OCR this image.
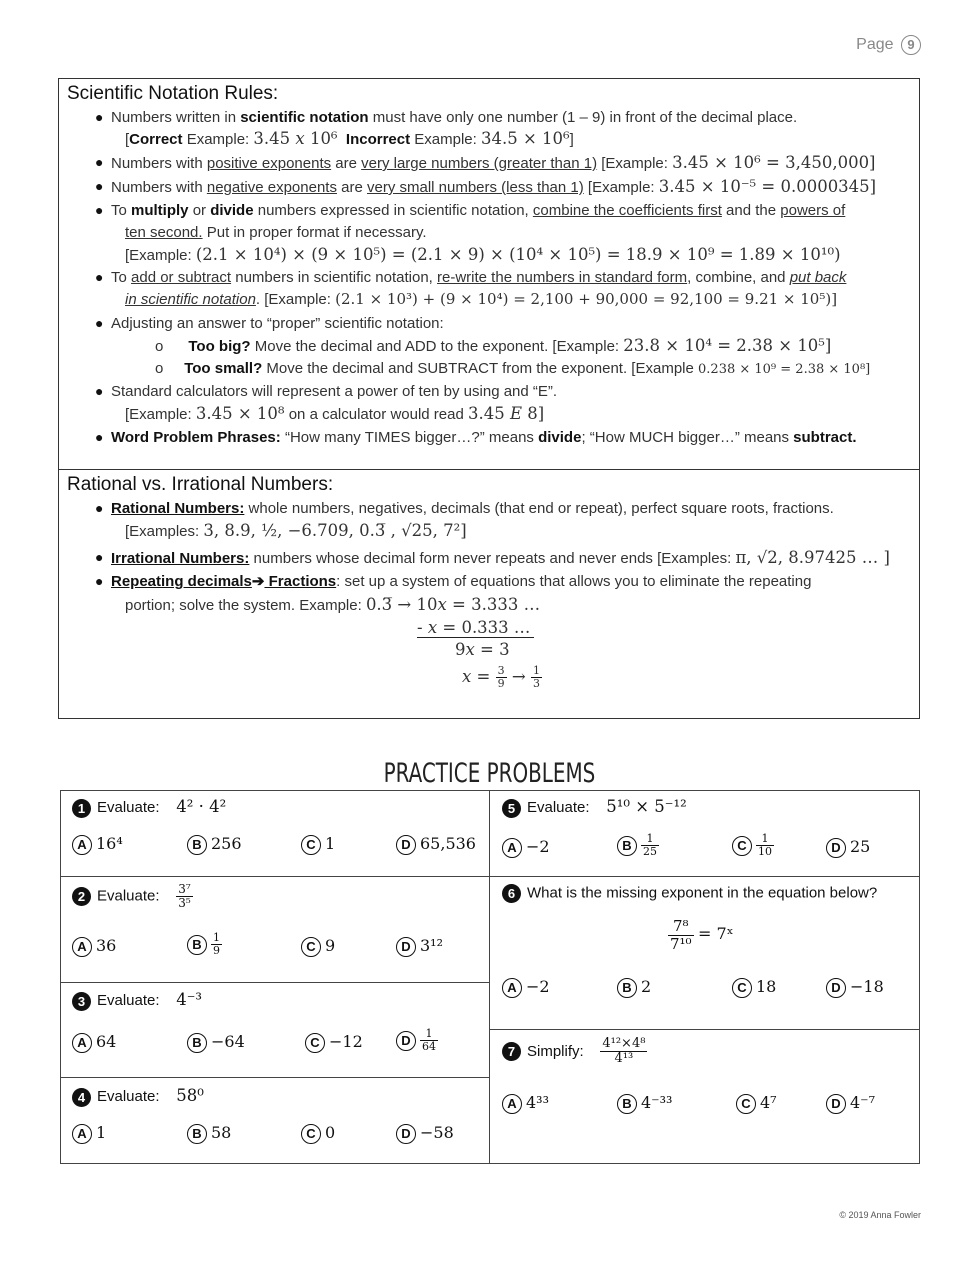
Page 9
Scientific Notation Rules:
● Numbers written in scientific notation must have only one number (1 – 9) in front of the decimal place.
[Correct Example: 3.45 𝑥 10⁶ Incorrect Example: 34.5 × 10⁶]
● Numbers with positive exponents are very large numbers (greater than 1) [Example: 3.45 × 10⁶ = 3,450,000]
● Numbers with negative exponents are very small numbers (less than 1) [Example: 3.45 × 10⁻⁵ = 0.0000345]
● To multiply or divide numbers expressed in scientific notation, combine the coefficients first and the powers of
ten second. Put in proper format if necessary.
[Example: (2.1 × 10⁴) × (9 × 10⁵) = (2.1 × 9) × (10⁴ × 10⁵) = 18.9 × 10⁹ = 1.89 × 10¹⁰)
● To add or subtract numbers in scientific notation, re-write the numbers in standard form, combine, and put back
in scientific notation. [Example: (2.1 × 10³) + (9 × 10⁴) = 2,100 + 90,000 = 92,100 = 9.21 × 10⁵)]
● Adjusting an answer to “proper” scientific notation:
o Too big? Move the decimal and ADD to the exponent. [Example: 23.8 × 10⁴ = 2.38 × 10⁵]
o Too small? Move the decimal and SUBTRACT from the exponent. [Example 0.238 × 10⁹ = 2.38 × 10⁸]
● Standard calculators will represent a power of ten by using and “E”.
[Example: 3.45 × 10⁸ on a calculator would read 3.45 𝐸 8]
● Word Problem Phrases: “How many TIMES bigger…?” means divide; “How MUCH bigger…” means subtract.
Rational vs. Irrational Numbers:
● Rational Numbers: whole numbers, negatives, decimals (that end or repeat), perfect square roots, fractions.
[Examples: 3, 8.9, ½, −6.709, 0.3̅ , √25, 7²]
● Irrational Numbers: numbers whose decimal form never repeats and never ends [Examples: π, √2, 8.97425 … ]
● Repeating decimals➔ Fractions: set up a system of equations that allows you to eliminate the repeating
portion; solve the system. Example: 0.3̅ → 10𝑥 = 3.333 …
- 𝑥 = 0.333 …
9𝑥 = 3
𝑥 = $\frac{3}{9} \to \frac{1}{3}$
PRACTICE PROBLEMS
1 Evaluate: 4² · 4²
A 16⁴	B 256	C 1	D 65,536
2 Evaluate: $\frac{\text{3⁷}}{\text{3⁵}}$
A 36	B $\frac{1}{9}$	C 9	D 3¹²
3 Evaluate: 4⁻³
A 64	B −64	C −12	D $\frac{1}{64}$
4 Evaluate: 58⁰
A 1	B 58	C 0	D −58
5 Evaluate: 5¹⁰ × 5⁻¹²
A −2	B $\frac{1}{25}$	C $\frac{1}{10}$	D 25
6 What is the missing exponent in the equation below?
$\frac{\text{7⁸}}{\text{7¹⁰}}$ = 7ˣ
A −2	B 2	C 18	D −18
7 Simplify: $\frac{\text{4¹²×4⁸}}{\text{4¹³}}$
A 4³³	B 4⁻³³	C 4⁷	D 4⁻⁷
© 2019 Anna Fowler
